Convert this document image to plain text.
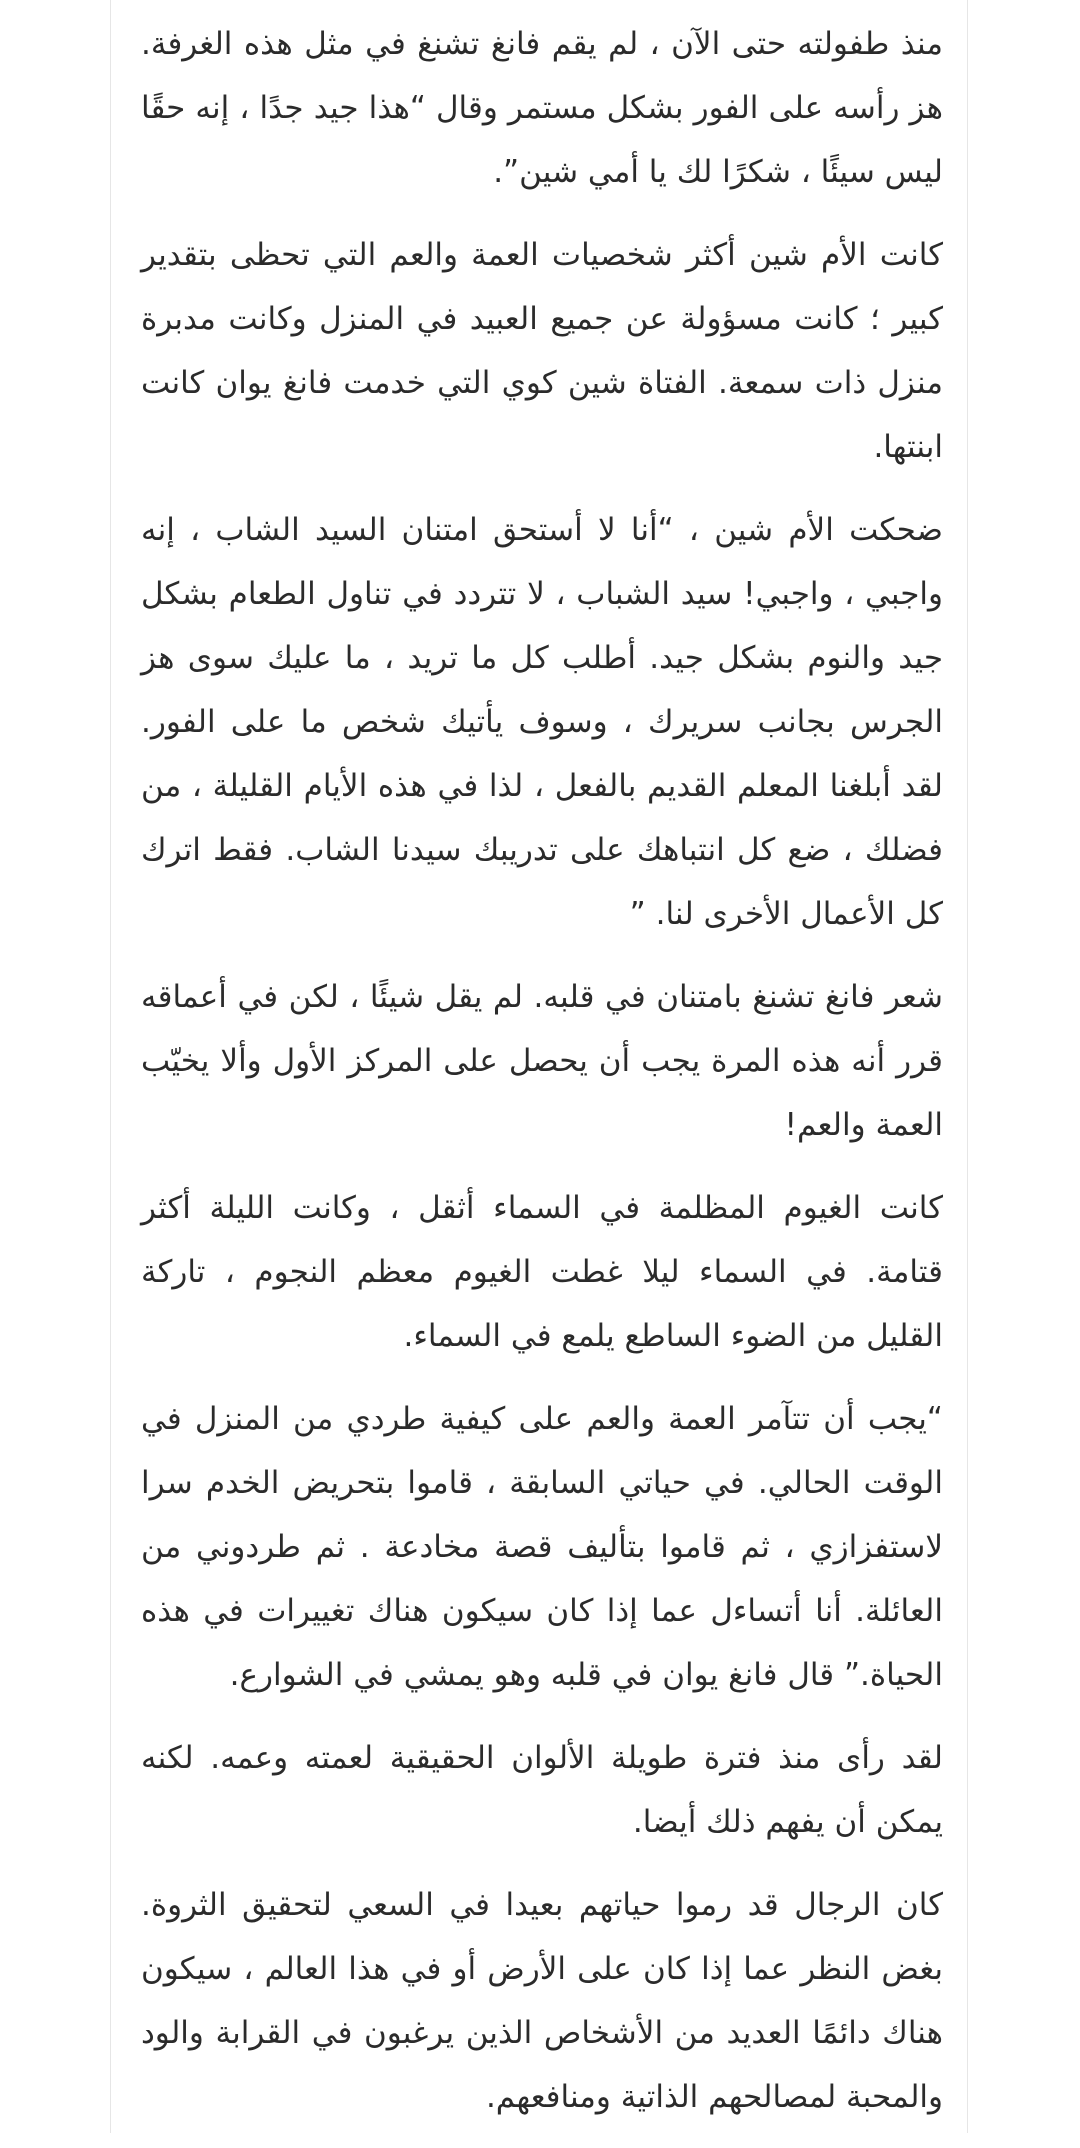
منذ طفولته حتى الآن ، لم يقم فانغ تشنغ في مثل هذه الغرفة. هز رأسه على الفور بشكل مستمر وقال “هذا جيد جدًا ، إنه حقًا ليس سيئًا ، شكرًا لك يا أمي شين”.

كانت الأم شين أكثر شخصيات العمة والعم التي تحظى بتقدير كبير ؛ كانت مسؤولة عن جميع العبيد في المنزل وكانت مدبرة منزل ذات سمعة. الفتاة شين كوي التي خدمت فانغ يوان كانت ابنتها.

ضحكت الأم شين ، “أنا لا أستحق امتنان السيد الشاب ، إنه واجبي ، واجبي! سيد الشباب ، لا تتردد في تناول الطعام بشكل جيد والنوم بشكل جيد. أطلب كل ما تريد ، ما عليك سوى هز الجرس بجانب سريرك ، وسوف يأتيك شخص ما على الفور. لقد أبلغنا المعلم القديم بالفعل ، لذا في هذه الأيام القليلة ، من فضلك ، ضع كل انتباهك على تدريبك سيدنا الشاب. فقط اترك كل الأعمال الأخرى لنا. ”

شعر فانغ تشنغ بامتنان في قلبه. لم يقل شيئًا ، لكن في أعماقه قرر أنه هذه المرة يجب أن يحصل على المركز الأول وألا يخيّب العمة والعم!

كانت الغيوم المظلمة في السماء أثقل ، وكانت الليلة أكثر قتامة. في السماء ليلا غطت الغيوم معظم النجوم ، تاركة القليل من الضوء الساطع يلمع في السماء.

“يجب أن تتآمر العمة والعم على كيفية طردي من المنزل في الوقت الحالي. في حياتي السابقة ، قاموا بتحريض الخدم سرا لاستفزازي ، ثم قاموا بتأليف قصة مخادعة . ثم طردوني من العائلة. أنا أتساءل عما إذا كان سيكون هناك تغييرات في هذه الحياة.” قال فانغ يوان في قلبه وهو يمشي في الشوارع.

لقد رأى منذ فترة طويلة الألوان الحقيقية لعمته وعمه. لكنه يمكن أن يفهم ذلك أيضا.

كان الرجال قد رموا حياتهم بعيدا في السعي لتحقيق الثروة. بغض النظر عما إذا كان على الأرض أو في هذا العالم ، سيكون هناك دائمًا العديد من الأشخاص الذين يرغبون في القرابة والود والمحبة لمصالحهم الذاتية ومنافعهم.
